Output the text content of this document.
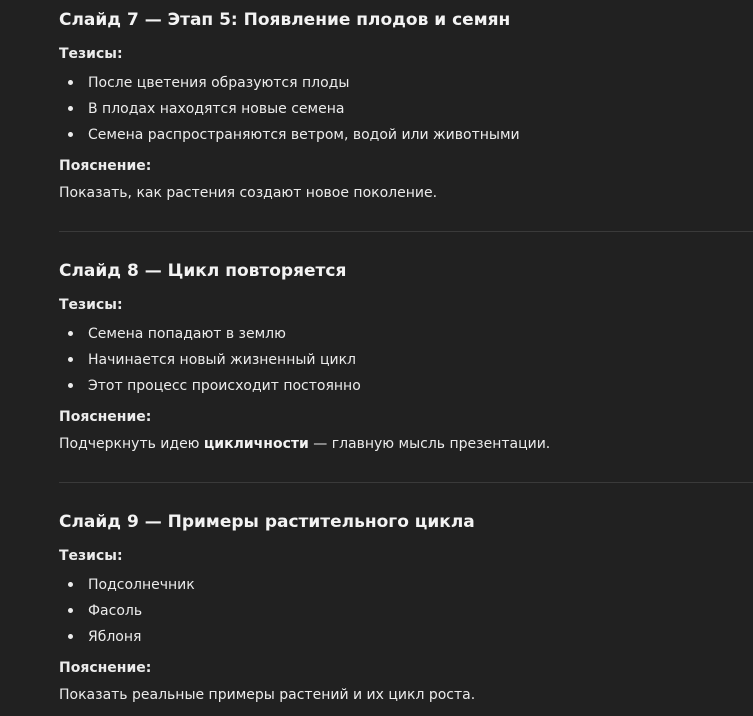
Слайд 7 — Этап 5: Появление плодов и семян

Тезисы:

После цветения образуются плоды
В плодах находятся новые семена
Семена распространяются ветром, водой или животными

Пояснение:

Показать, как растения создают новое поколение.

Слайд 8 — Цикл повторяется

Тезисы:

Семена попадают в землю
Начинается новый жизненный цикл
Этот процесс происходит постоянно

Пояснение:

Подчеркнуть идею цикличности — главную мысль презентации.

Слайд 9 — Примеры растительного цикла

Тезисы:

Подсолнечник
Фасоль
Яблоня

Пояснение:

Показать реальные примеры растений и их цикл роста.
